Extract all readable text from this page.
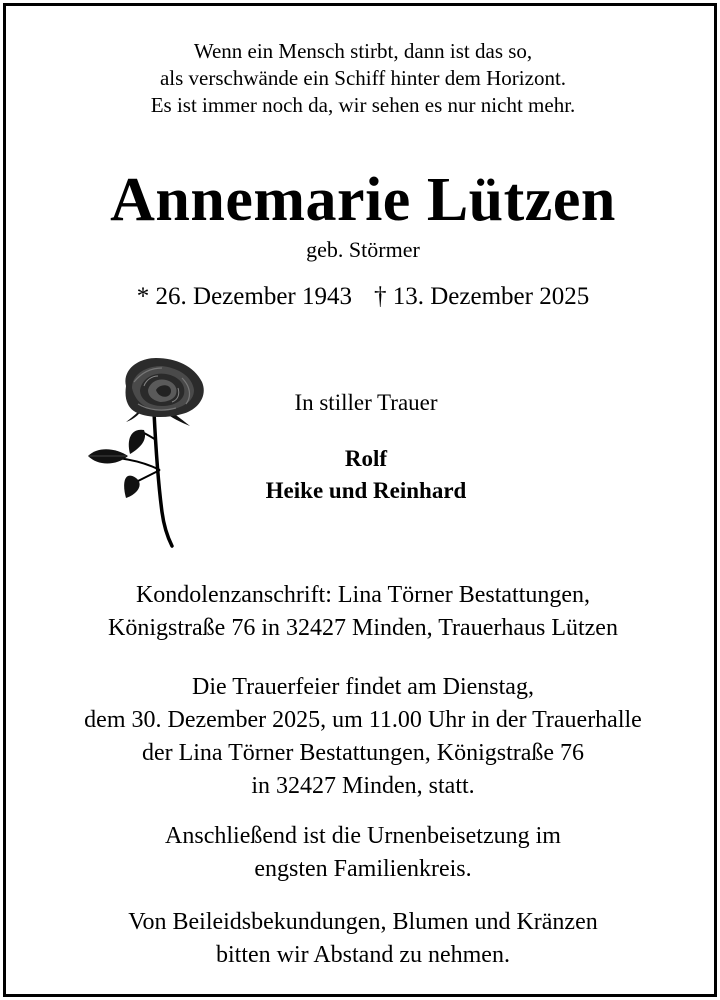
Wenn ein Mensch stirbt, dann ist das so,
als verschwände ein Schiff hinter dem Horizont.
Es ist immer noch da, wir sehen es nur nicht mehr.
Annemarie Lützen
geb. Störmer
* 26. Dezember 1943 † 13. Dezember 2025
In stiller Trauer
Rolf
Heike und Reinhard
Kondolenzanschrift: Lina Törner Bestattungen,
Königstraße 76 in 32427 Minden, Trauerhaus Lützen
Die Trauerfeier findet am Dienstag,
dem 30. Dezember 2025, um 11.00 Uhr in der Trauerhalle
der Lina Törner Bestattungen, Königstraße 76
in 32427 Minden, statt.
Anschließend ist die Urnenbeisetzung im
engsten Familienkreis.
Von Beileidsbekundungen, Blumen und Kränzen
bitten wir Abstand zu nehmen.
